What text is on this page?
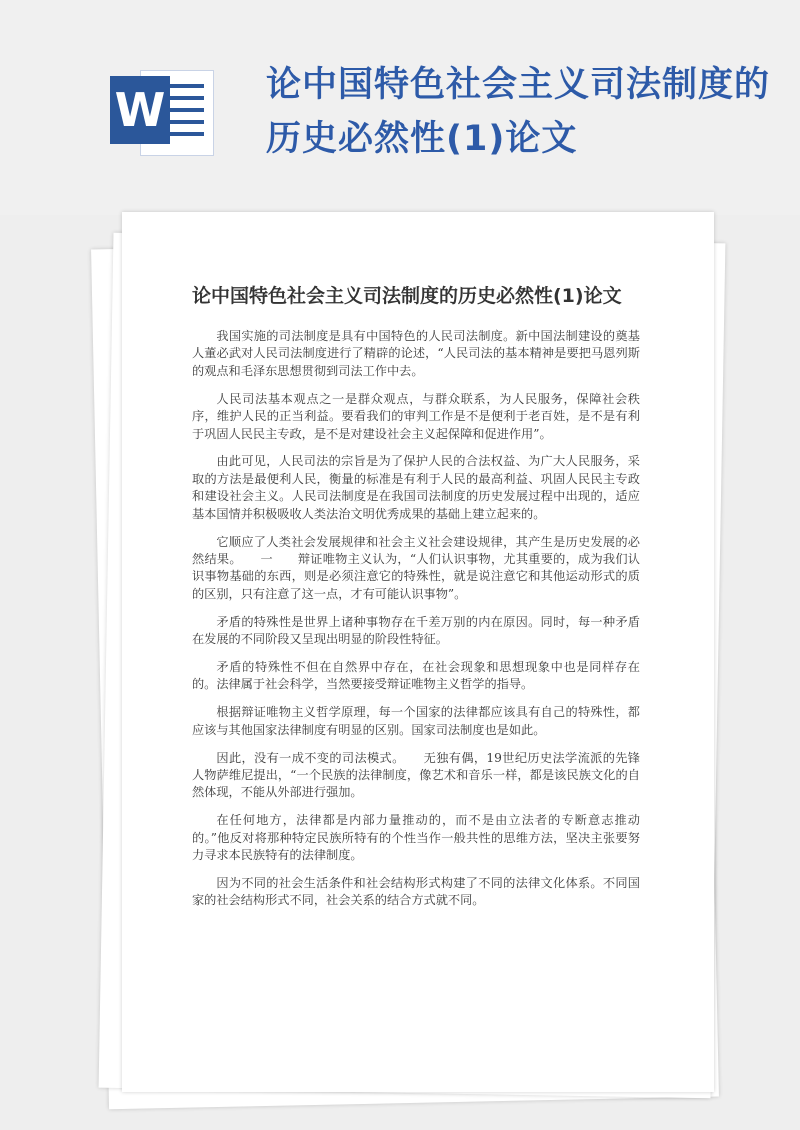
W	论中国特色社会主义司法制度的历史必然性(1)论文
论中国特色社会主义司法制度的历史必然性(1)论文

我国实施的司法制度是具有中国特色的人民司法制度。新中国法制建设的奠基人董必武对人民司法制度进行了精辟的论述，“人民司法的基本精神是要把马恩列斯的观点和毛泽东思想贯彻到司法工作中去。

人民司法基本观点之一是群众观点，与群众联系，为人民服务，保障社会秩序，维护人民的正当利益。要看我们的审判工作是不是便利于老百姓，是不是有利于巩固人民民主专政，是不是对建设社会主义起保障和促进作用”。

由此可见，人民司法的宗旨是为了保护人民的合法权益、为广大人民服务，采取的方法是最便利人民，衡量的标准是有利于人民的最高利益、巩固人民民主专政和建设社会主义。人民司法制度是在我国司法制度的历史发展过程中出现的，适应基本国情并积极吸收人类法治文明优秀成果的基础上建立起来的。

它顺应了人类社会发展规律和社会主义社会建设规律，其产生是历史发展的必然结果。　　一　　辩证唯物主义认为，“人们认识事物，尤其重要的，成为我们认识事物基础的东西，则是必须注意它的特殊性，就是说注意它和其他运动形式的质的区别，只有注意了这一点，才有可能认识事物”。

矛盾的特殊性是世界上诸种事物存在千差万别的内在原因。同时，每一种矛盾在发展的不同阶段又呈现出明显的阶段性特征。

矛盾的特殊性不但在自然界中存在，在社会现象和思想现象中也是同样存在的。法律属于社会科学，当然要接受辩证唯物主义哲学的指导。

根据辩证唯物主义哲学原理，每一个国家的法律都应该具有自己的特殊性，都应该与其他国家法律制度有明显的区别。国家司法制度也是如此。

因此，没有一成不变的司法模式。　　无独有偶，19世纪历史法学流派的先锋人物萨维尼提出，“一个民族的法律制度，像艺术和音乐一样，都是该民族文化的自然体现，不能从外部进行强加。

在任何地方，法律都是内部力量推动的，而不是由立法者的专断意志推动的。”他反对将那种特定民族所特有的个性当作一般共性的思维方法，坚决主张要努力寻求本民族特有的法律制度。

因为不同的社会生活条件和社会结构形式构建了不同的法律文化体系。不同国家的社会结构形式不同，社会关系的结合方式就不同。
